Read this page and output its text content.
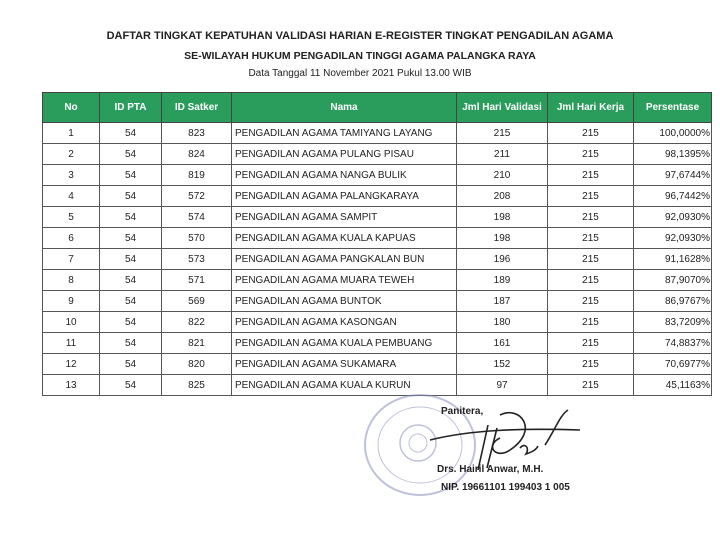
DAFTAR TINGKAT KEPATUHAN VALIDASI HARIAN E-REGISTER TINGKAT PENGADILAN AGAMA
SE-WILAYAH HUKUM PENGADILAN TINGGI AGAMA PALANGKA RAYA
Data Tanggal 11 November 2021 Pukul 13.00 WIB
No	ID PTA	ID Satker	Nama	Jml Hari Validasi	Jml Hari Kerja	Persentase
1	54	823	PENGADILAN AGAMA TAMIYANG LAYANG	215	215	100,0000%
2	54	824	PENGADILAN AGAMA PULANG PISAU	211	215	98,1395%
3	54	819	PENGADILAN AGAMA NANGA BULIK	210	215	97,6744%
4	54	572	PENGADILAN AGAMA PALANGKARAYA	208	215	96,7442%
5	54	574	PENGADILAN AGAMA SAMPIT	198	215	92,0930%
6	54	570	PENGADILAN AGAMA KUALA KAPUAS	198	215	92,0930%
7	54	573	PENGADILAN AGAMA PANGKALAN BUN	196	215	91,1628%
8	54	571	PENGADILAN AGAMA MUARA TEWEH	189	215	87,9070%
9	54	569	PENGADILAN AGAMA BUNTOK	187	215	86,9767%
10	54	822	PENGADILAN AGAMA KASONGAN	180	215	83,7209%
11	54	821	PENGADILAN AGAMA KUALA PEMBUANG	161	215	74,8837%
12	54	820	PENGADILAN AGAMA SUKAMARA	152	215	70,6977%
13	54	825	PENGADILAN AGAMA KUALA KURUN	97	215	45,1163%
Panitera,
Drs. Hairil Anwar, M.H.
NIP. 19661101 199403 1 005
